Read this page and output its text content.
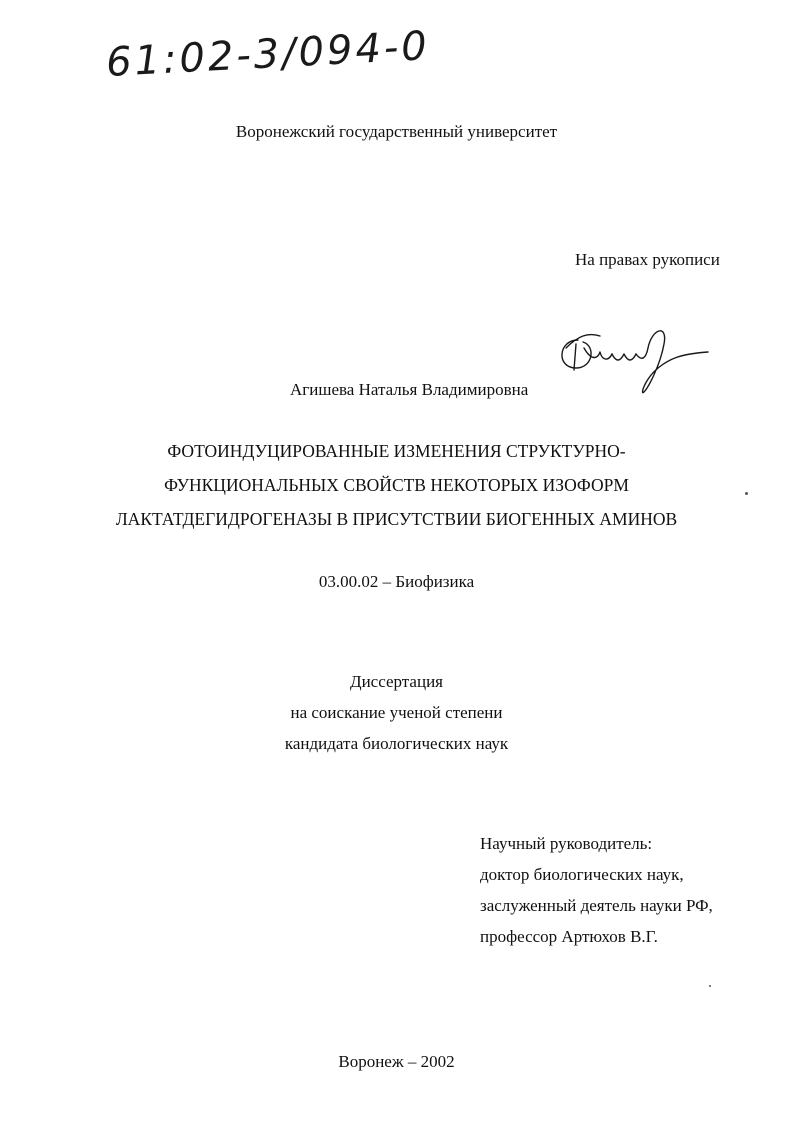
61:02-3/094-0
Воронежский государственный университет
На правах рукописи
Агишева Наталья Владимировна
ФОТОИНДУЦИРОВАННЫЕ ИЗМЕНЕНИЯ СТРУКТУРНО-
ФУНКЦИОНАЛЬНЫХ СВОЙСТВ НЕКОТОРЫХ ИЗОФОРМ
ЛАКТАТДЕГИДРОГЕНАЗЫ В ПРИСУТСТВИИ БИОГЕННЫХ АМИНОВ
03.00.02 – Биофизика
Диссертация
на соискание ученой степени
кандидата биологических наук
Научный руководитель:
доктор биологических наук,
заслуженный деятель науки РФ,
профессор Артюхов В.Г.
Воронеж – 2002
